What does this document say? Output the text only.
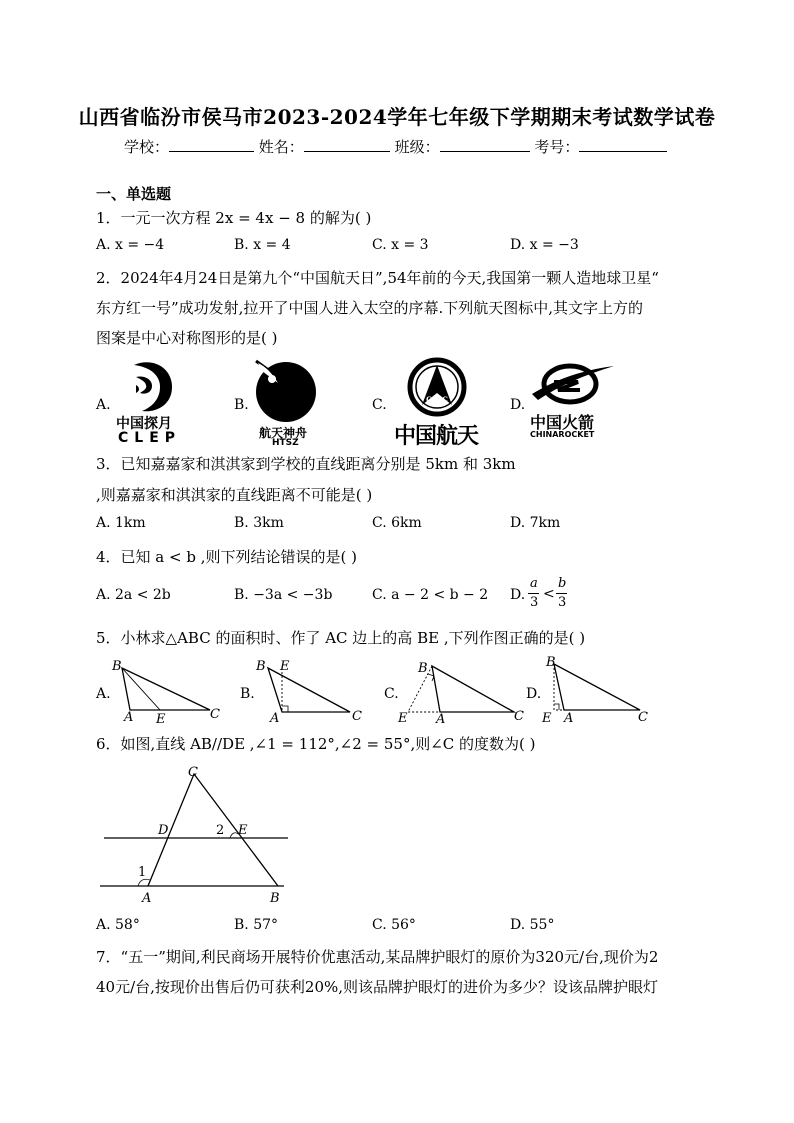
山西省临汾市侯马市2023-2024学年七年级下学期期末考试数学试卷
学校：	姓名：	班级：	考号：
一、单选题
1．一元一次方程 2x = 4x − 8 的解为( )
A. x = −4	B. x = 4	C. x = 3	D. x = −3
2．2024年4月24日是第九个“中国航天日”,54年前的今天,我国第一颗人造地球卫星“
东方红一号”成功发射,拉开了中国人进入太空的序幕.下列航天图标中,其文字上方的
图案是中心对称图形的是( )
A.	B.	C.	D.
中国探月
CLEP	航天神舟
HTSZ
CASC
中国航天
中国火箭
CHINAROCKET
3．已知嘉嘉家和淇淇家到学校的直线距离分别是 5km 和 3km
,则嘉嘉家和淇淇家的直线距离不可能是( )
A. 1km	B. 3km	C. 6km	D. 7km
4．已知 a < b ,则下列结论错误的是( )
A. 2a < 2b	B. −3a < −3b	C. a − 2 < b − 2 D.
a
3
<
b
3
5．小林求△ABC 的面积时、作了 AC 边上的高 BE ,下列作图正确的是( )
A.	B.	C.	D.
B
A E	C
B E
A	C
B
E A	C
B
E A	C
6．如图,直线 AB//DE ,∠1 = 112°,∠2 = 55°,则∠C 的度数为( )
C
D	2 E
1
A	B
A. 58°	B. 57°	C. 56°	D. 55°
7．“五一”期间,利民商场开展特价优惠活动,某品牌护眼灯的原价为320元/台,现价为2
40元/台,按现价出售后仍可获利20%,则该品牌护眼灯的进价为多少？设该品牌护眼灯
